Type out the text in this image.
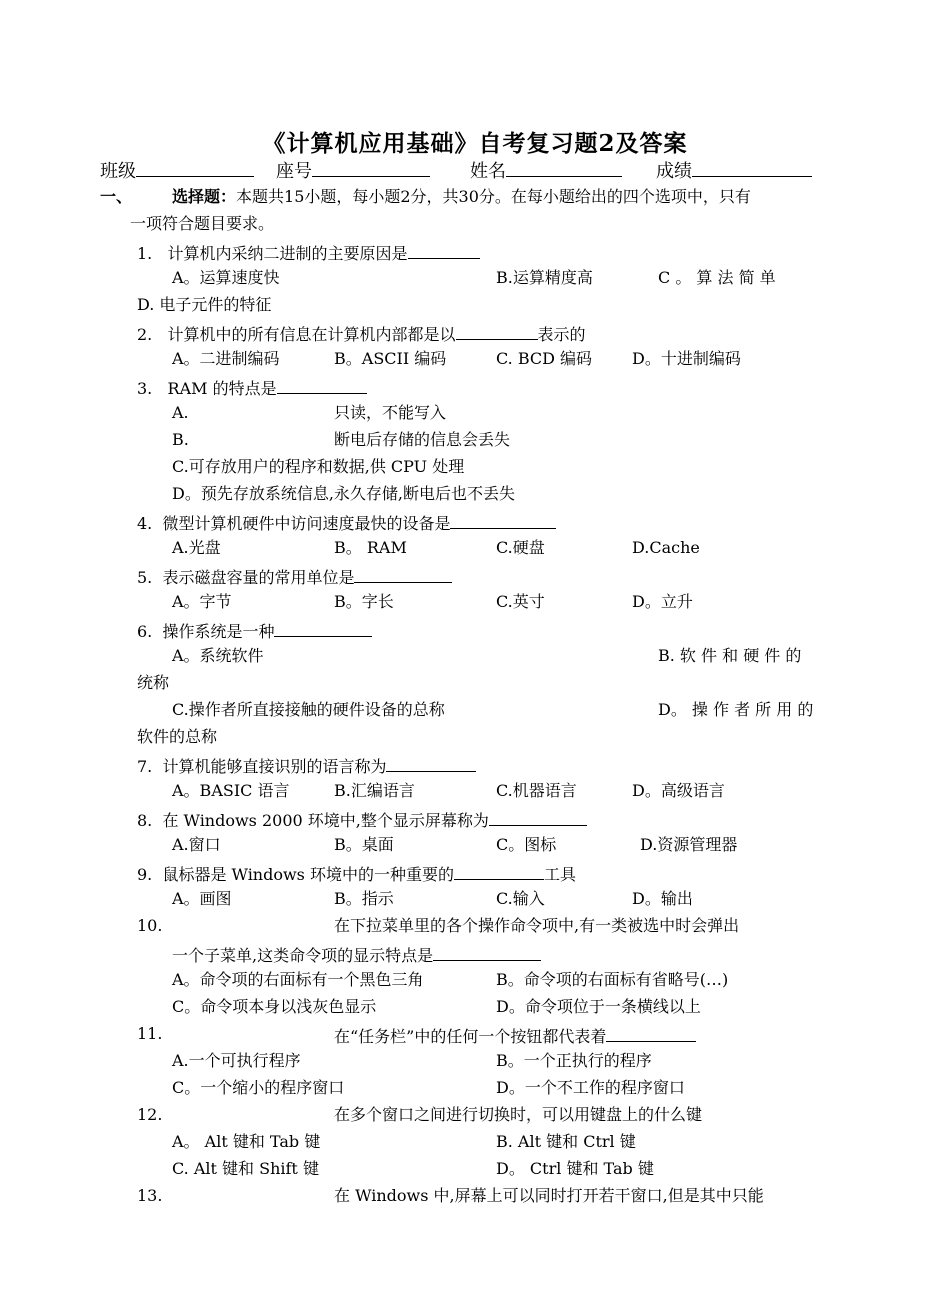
《计算机应用基础》自考复习题2及答案
班级	座号	姓名	成绩
一、 选择题：本题共15小题，每小题2分，共30分。在每小题给出的四个选项中，只有
一项符合题目要求。
1. 计算机内采纳二进制的主要原因是
A。运算速度快	B.运算精度高	C 。 算 法 简 单
D. 电子元件的特征
2. 计算机中的所有信息在计算机内部都是以	表示的
A。二进制编码	B。ASCII 编码	C. BCD 编码 D。十进制编码
3. RAM 的特点是
A.	只读，不能写入
B.	断电后存储的信息会丢失
C.可存放用户的程序和数据,供 CPU 处理
D。预先存放系统信息,永久存储,断电后也不丢失
4. 微型计算机硬件中访问速度最快的设备是
A.光盘	B。 RAM	C.硬盘	D.Cache
5. 表示磁盘容量的常用单位是
A。字节	B。字长	C.英寸	D。立升
6. 操作系统是一种
A。系统软件	B. 软 件 和 硬 件 的
统称
C.操作者所直接接触的硬件设备的总称	D。 操 作 者 所 用 的
软件的总称
7. 计算机能够直接识别的语言称为
A。BASIC 语言	B.汇编语言	C.机器语言	D。高级语言
8. 在 Windows 2000 环境中,整个显示屏幕称为
A.窗口	B。桌面	C。图标	D.资源管理器
9. 鼠标器是 Windows 环境中的一种重要的	工具
A。画图	B。指示	C.输入	D。输出
10.	在下拉菜单里的各个操作命令项中,有一类被选中时会弹出
一个子菜单,这类命令项的显示特点是
A。命令项的右面标有一个黑色三角	B。命令项的右面标有省略号(…)
C。命令项本身以浅灰色显示	D。命令项位于一条横线以上
11.	在“任务栏”中的任何一个按钮都代表着
A.一个可执行程序	B。一个正执行的程序
C。一个缩小的程序窗口	D。一个不工作的程序窗口
12.	在多个窗口之间进行切换时，可以用键盘上的什么键
A。 Alt 键和 Tab 键	B. Alt 键和 Ctrl 键
C. Alt 键和 Shift 键	D。 Ctrl 键和 Tab 键
13.	在 Windows 中,屏幕上可以同时打开若干窗口,但是其中只能
